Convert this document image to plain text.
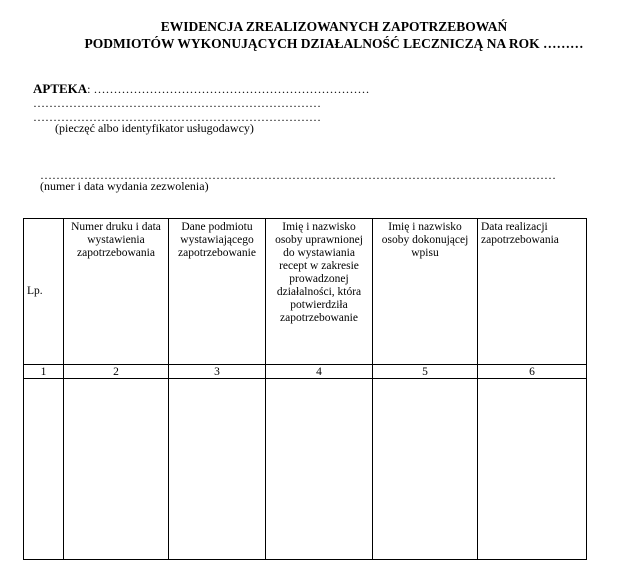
EWIDENCJA ZREALIZOWANYCH ZAPOTRZEBOWAŃ
PODMIOTÓW WYKONUJĄCYCH DZIAŁALNOŚĆ LECZNICZĄ NA ROK ………
APTEKA: ……………………………………………………………
………………………………………………………………
………………………………………………………………
(pieczęć albo identyfikator usługodawcy)
…………………………………………………………………………………………………………………
(numer i data wydania zezwolenia)
Lp.	Numer druku i data wystawienia zapotrzebowania	Dane podmiotu wystawiającego zapotrzebowanie	Imię i nazwisko osoby uprawnionej do wystawiania recept w zakresie prowadzonej działalności, która potwierdziła zapotrzebowanie	Imię i nazwisko osoby dokonującej wpisu	Data realizacji zapotrzebowania
1	2	3	4	5	6
